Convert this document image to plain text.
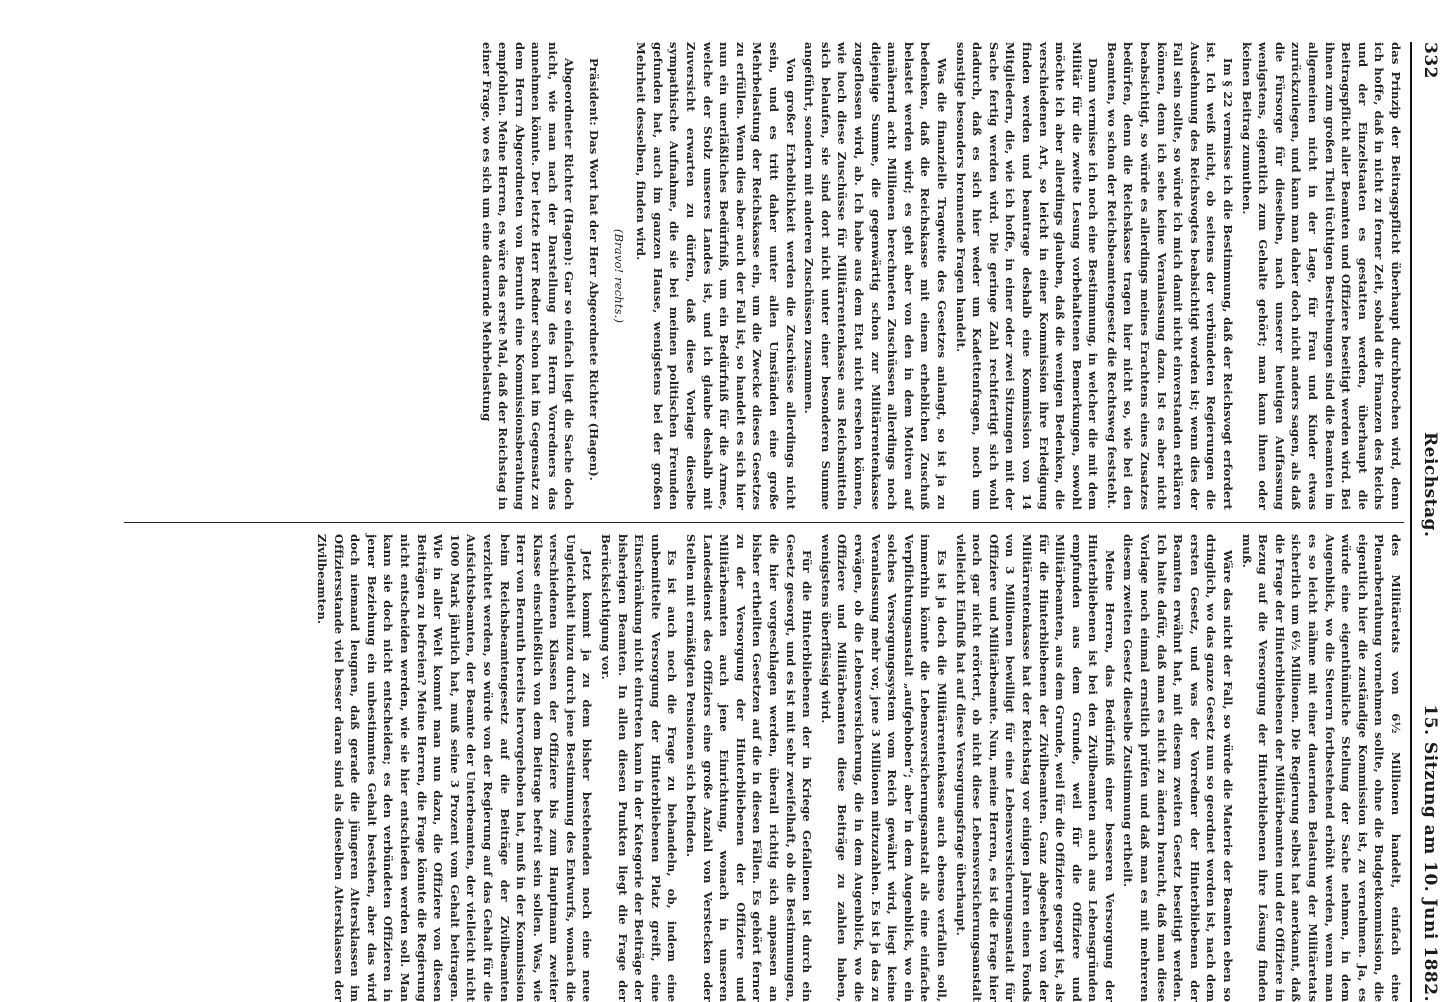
332
Reichstag.
15. Sitzung am 10. Juni 1882.

das Prinzip der Beitragspflicht überhaupt durchbrochen wird, denn ich hoffe, daß in nicht zu ferner Zeit, sobald die Finanzen des Reichs und der Einzelstaaten es gestatten werden, überhaupt die Beitragspflicht aller Beamten und Offiziere beseitigt werden wird. Bei ihnen zum großen Theil tüchtigen Bestrebungen sind die Beamten im allgemeinen nicht in der Lage, für Frau und Kinder etwas zurückzulegen, und kann man daher doch nicht anders sagen, als daß die Fürsorge für dieselben, nach unserer heutigen Auffassung wenigstens, eigentlich zum Gehalte gehört; man kann ihnen oder keinen Beitrag zumuthen.

Im § 22 vermisse ich die Bestimmung, daß der Reichsvogt erfordert ist. Ich weiß nicht, ob seitens der verbündeten Regierungen die Ausdehnung des Reichsvogtes beabsichtigt worden ist; wenn dies der Fall sein sollte, so würde ich mich damit nicht einverstanden erklären können, denn ich sehe keine Veranlassung dazu. Ist es aber nicht beabsichtigt, so würde es allerdings meines Erachtens eines Zusatzes bedürfen, denn die Reichskasse tragen hier nicht so, wie bei den Beamten, wo schon der Reichsbeamtengesetz die Rechtsweg feststeht.

Dann vermisse ich noch eine Bestimmung, in welcher die mit dem Militär für die zweite Lesung vorbehaltenen Bemerkungen, sowohl möchte ich aber allerdings glauben, daß die wenigen Bedenken, die verschiedenen Art, so leicht in einer Kommission ihre Erledigung finden werden und beantrage deshalb eine Kommission von 14 Mitgliedern, die, wie ich hoffe, in einer oder zwei Sitzungen mit der Sache fertig werden wird. Die geringe Zahl rechtfertigt sich wohl dadurch, daß es sich hier weder um Kadettenfragen, noch um sonstige besonders brennende Fragen handelt.

Was die finanzielle Tragweite des Gesetzes anlangt, so ist ja zu bedenken, daß die Reichskasse mit einem erheblichen Zuschuß belastet werden wird; es geht aber von den in dem Motiven auf annähernd acht Millionen berechneten Zuschüssen allerdings noch diejenige Summe, die gegenwärtig schon zur Militärrentenkasse zugeflossen wird, ab. Ich habe aus dem Etat nicht ersehen können, wie hoch diese Zuschüsse für Militärrentenkasse aus Reichsmitteln sich belaufen, sie sind dort nicht unter einer besonderen Summe angeführt, sondern mit anderen Zuschüssen zusammen.

Von großer Erheblichkeit werden die Zuschüsse allerdings nicht sein, und es tritt daher unter allen Umständen eine große Mehrbelastung der Reichskasse ein, um die Zwecke dieses Gesetzes zu erfüllen. Wenn dies aber auch der Fall ist, so handelt es sich hier nun ein unerläßliches Bedürfniß, um ein Bedürfniß für die Armee, welche der Stolz unseres Landes ist, und ich glaube deshalb mit Zuversicht erwarten zu dürfen, daß diese Vorlage dieselbe sympathische Aufnahme, die sie bei meinen politischen Freunden gefunden hat, auch im ganzen Hause, wenigstens bei der großen Mehrheit desselben, finden wird.

(Bravo! rechts.)

Präsident: Das Wort hat der Herr Abgeordnete Richter (Hagen).

Abgeordneter Richter (Hagen): Gar so einfach liegt die Sache doch nicht, wie man nach der Darstellung des Herrn Vorredners das annehmen könnte. Der letzte Herr Redner schon hat im Gegensatz zu dem Herrn Abgeordneten von Bernuth eine Kommissionsberathung empfohlen. Meine Herren, es wäre das erste Mal, daß der Reichstag in einer Frage, wo es sich um eine dauernde Mehrbelastung

des Militäretats von 6½ Millionen handelt, einfach eine Plenarberathung vornehmen sollte, ohne die Budgetkommission, die eigentlich hier die zuständige Kommission ist, zu vernehmen. Ja, es würde eine eigenthümliche Stellung der Sache nehmen, in dem Augenblick, wo die Steuern fortbestehend erhöht werden, wenn man es so leicht nähme mit einer dauernden Belastung der Militäretats sicherlich um 6½ Millionen. Die Regierung selbst hat anerkannt, daß die Frage der Hinterbliebenen der Militärbeamten und der Offiziere in Bezug auf die Versorgung der Hinterbliebenen ihre Lösung finden muß.

Wäre das nicht der Fall, so würde die Materie der Beamten eben so dringlich, wo das ganze Gesetz nun so geordnet worden ist, nach dem ersten Gesetz, und was der Vorredner der Hinterbliebenen der Beamten erwähnt hat, mit diesem zweiten Gesetz beseitigt werden. Ich halte dafür, daß man es nicht zu ändern braucht, daß man diese Vorlage noch einmal ernstlich prüfen und daß man es mit mehreren diesem zweiten Gesetz dieselbe Zustimmung ertheilt.

Meine Herren, das Bedürfniß einer besseren Versorgung der Hinterbliebenen ist bei den Zivilbeamten auch aus Lebensgründen empfunden aus dem Grunde, weil für die Offiziere und Militärbeamten, aus dem Grunde, weil für die Offiziere gesorgt ist, als für die Hinterbliebenen der Zivilbeamten. Ganz abgesehen von der Militärrentenkasse hat der Reichstag vor einigen Jahren einen Fonds von 3 Millionen bewilligt für eine Lebensversicherungsanstalt für Offiziere und Militärbeamte. Nun, meine Herren, es ist die Frage hier noch gar nicht erörtert, ob nicht diese Lebensversicherungsanstalt vielleicht Einfluß hat auf diese Versorgungsfrage überhaupt.

Es ist ja doch die Militärrentenkasse auch ebenso verfallen soll, immerhin könnte die Lebensversicherungsanstalt als eine einfache Verpflichtungsanstalt „aufgehoben“; aber in dem Augenblick, wo ein solches Versorgungssystem vom Reich gewährt wird, liegt keine Veranlassung mehr vor, jene 3 Millionen mitzuzahlen. Es ist ja das zu erwägen, ob die Lebensversicherung, die in dem Augenblick, wo die Offiziere und Militärbeamten diese Beiträge zu zahlen haben, wenigstens überflüssig wird.

Für die Hinterbliebenen der in Kriege Gefallenen ist durch ein Gesetz gesorgt, und es ist mit sehr zweifelhaft, ob die Bestimmungen, die hier vorgeschlagen werden, überall richtig sich anpassen an bisher ertheilten Gesetzen auf die in diesen Fällen. Es gehört ferner zu der Versorgung der Hinterbliebenen der Offiziere und Militärbeamten auch jene Einrichtung, wonach in unseren Landesdienst des Offiziers eine große Anzahl von Verstecken oder Stellen mit ermäßigten Pensionen sich befinden.

Es ist auch noch die Frage zu behandeln, ob, indem eine unbemittelte Versorgung der Hinterbliebenen Platz greift, eine Einschränkung nicht eintreten kann in der Kategorie der Beiträge der bisherigen Beamten. In allen diesen Punkten liegt die Frage der Berücksichtigung vor.

Jetzt kommt ja zu dem bisher bestehenden noch eine neue Ungleichheit hinzu durch jene Bestimmung des Entwurfs, wonach die verschiedenen Klassen der Offiziere bis zum Hauptmann zweiter Klasse einschließlich von dem Beitrage befreit sein sollen. Was, wie Herr von Bernuth bereits hervorgehoben hat, muß in der Kommission beim Reichsbeamtengesetz auf die Beiträge der Zivilbeamten verzichtet werden, so würde von der Regierung auf das Gehalt für die Aufsichtsbeamten, der Beamte der Unterbeamten, der vielleicht nicht 1000 Mark jährlich hat, muß seine 3 Prozent vom Gehalt beitragen. Wie in aller Welt kommt man nun dazu, die Offiziere von diesen Beiträgen zu befreien? Meine Herren, die Frage könnte die Regierung nicht entscheiden werden, wie sie hier entschieden werden soll. Man kann sie doch nicht entscheiden; es den verbündeten Offizieren in jener Beziehung ein unbestimmtes Gehalt bestehen, aber das wird doch niemand leugnen, daß gerade die jüngeren Altersklassen im Offiziersstande viel besser daran sind als dieselben Altersklassen der Zivilbeamten.
